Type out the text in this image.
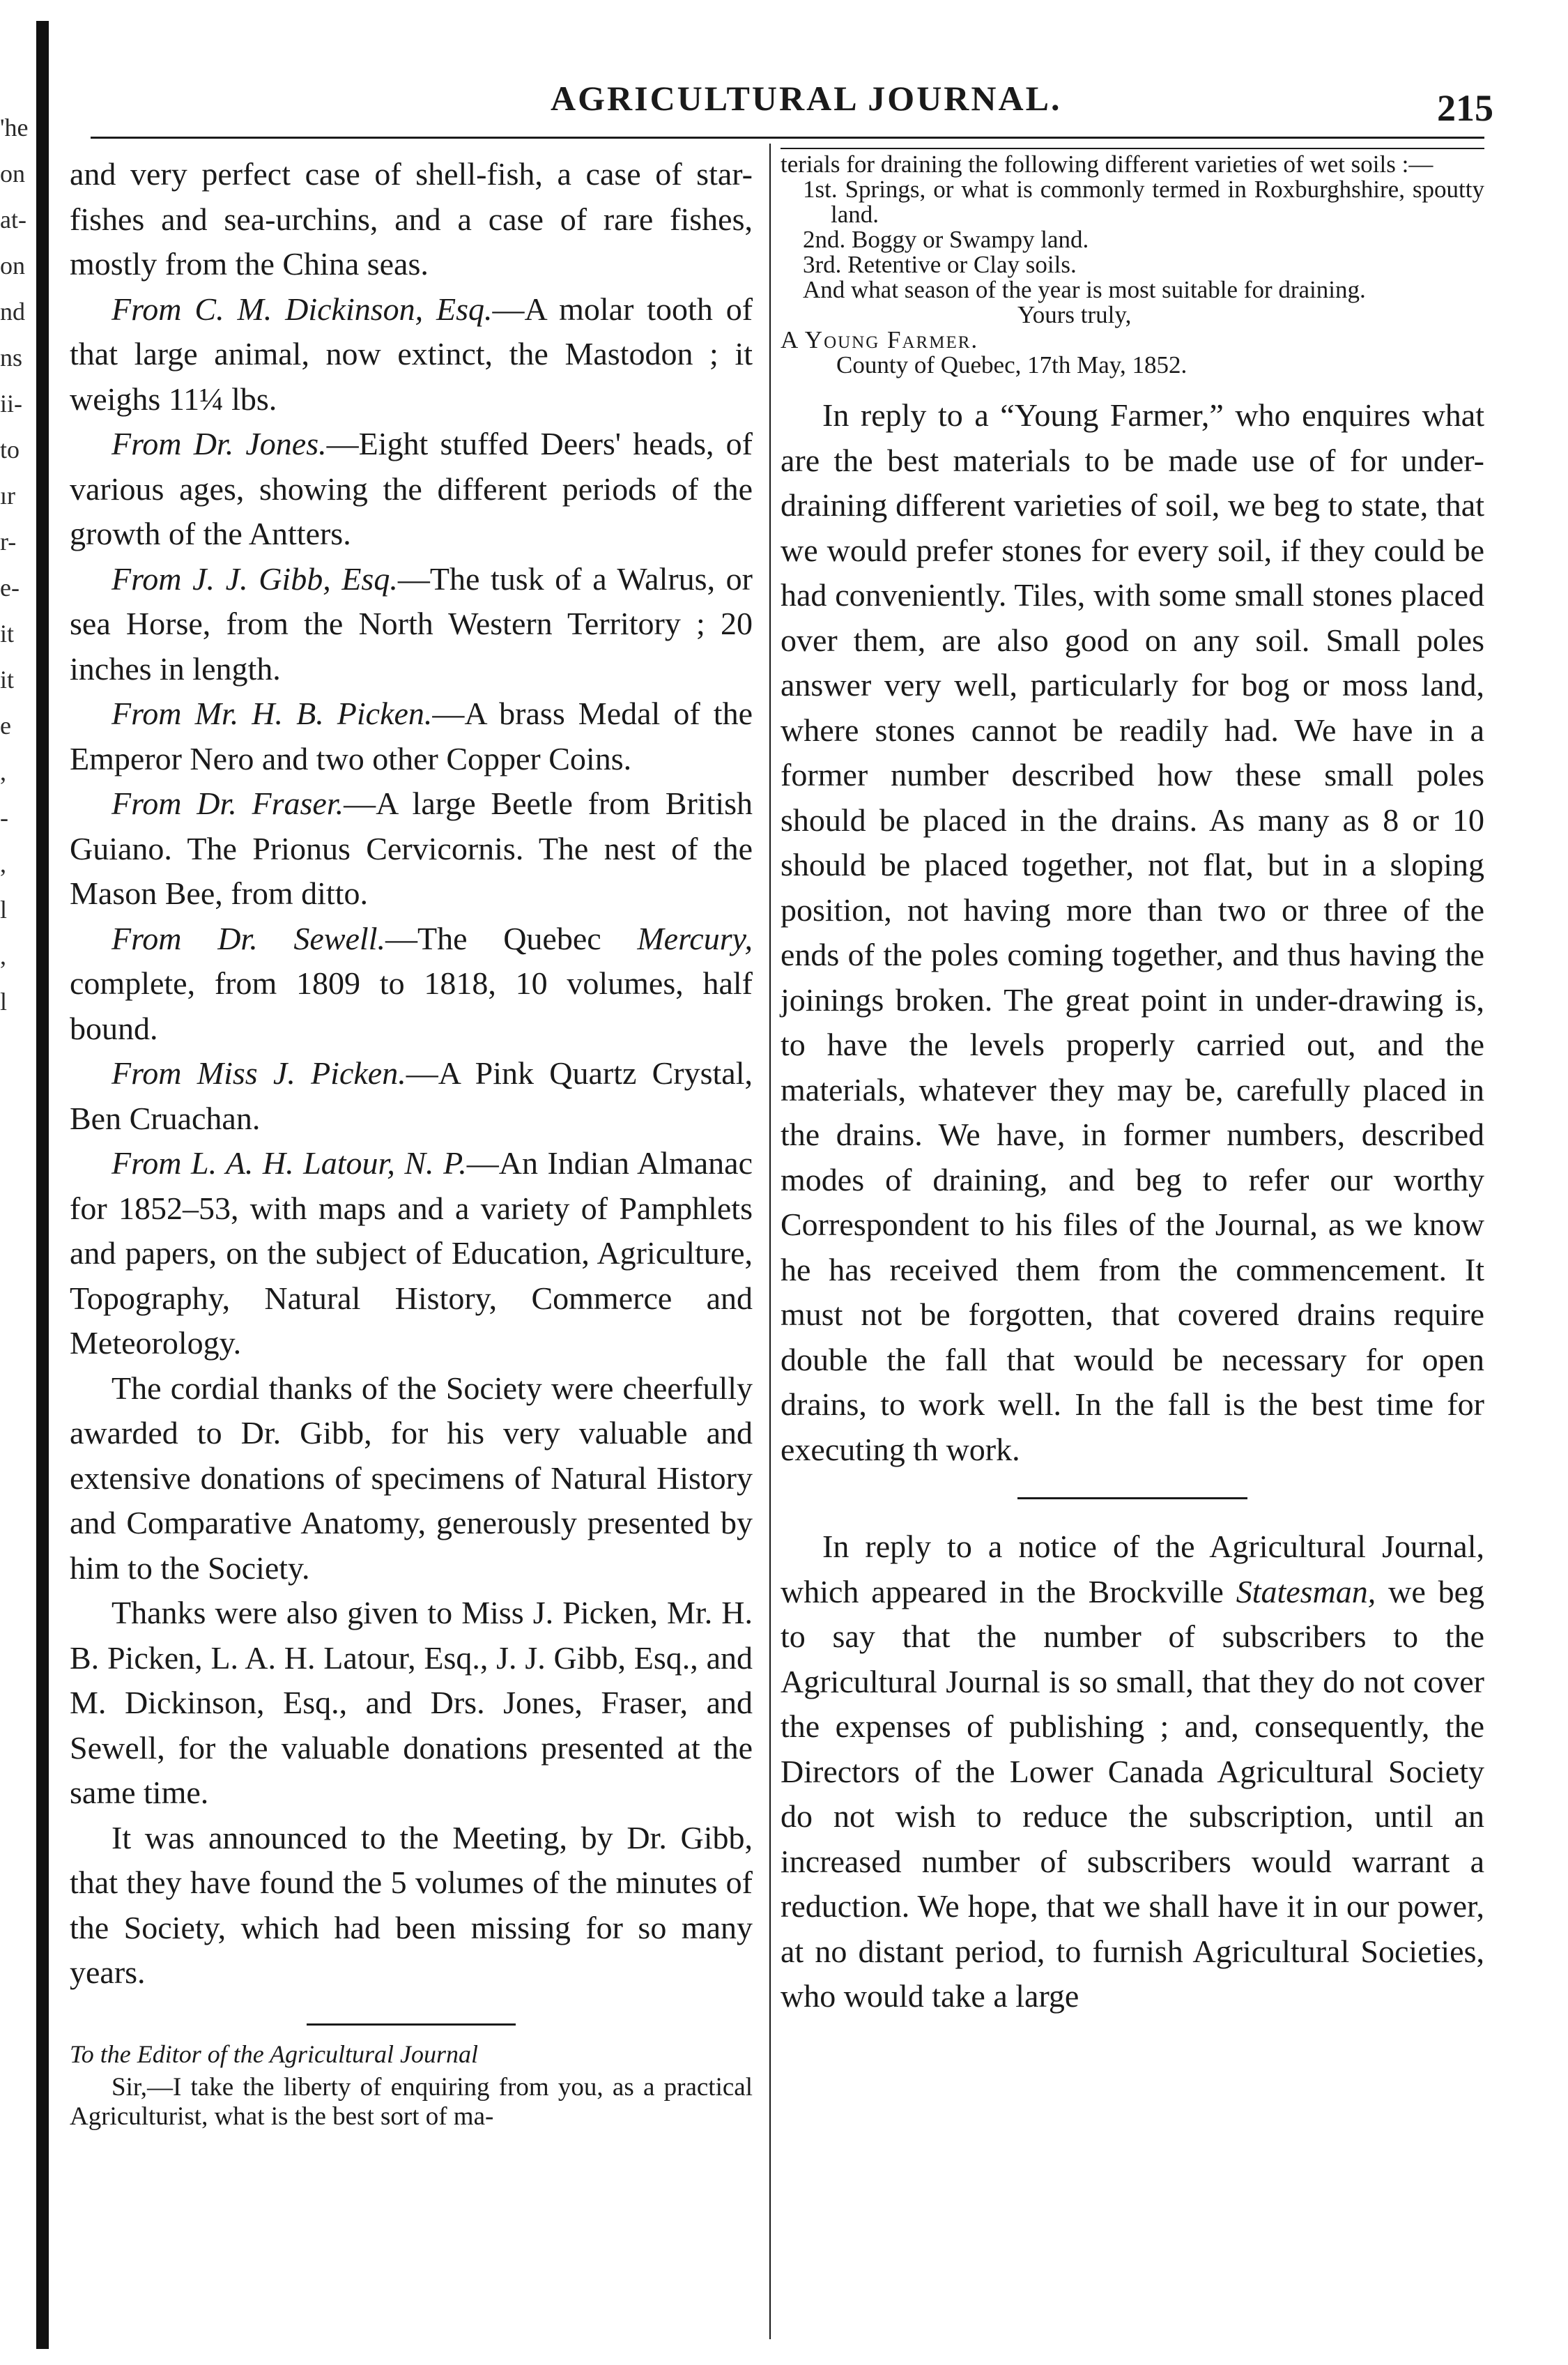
'he
on
at-
on
nd
ns
ii-
to
ır
r-
e-
it
it
e
,
-
,
l
,
l
AGRICULTURAL JOURNAL.	215

and very perfect case of shell-fish, a case of star-fishes and sea-urchins, and a case of rare fishes, mostly from the China seas.

From C. M. Dickinson, Esq.—A molar tooth of that large animal, now extinct, the Mastodon ; it weighs 11¼ lbs.

From Dr. Jones.—Eight stuffed Deers' heads, of various ages, showing the different periods of the growth of the Antters.

From J. J. Gibb, Esq.—The tusk of a Walrus, or sea Horse, from the North Western Territory ; 20 inches in length.

From Mr. H. B. Picken.—A brass Medal of the Emperor Nero and two other Copper Coins.

From Dr. Fraser.—A large Beetle from British Guiano. The Prionus Cervicornis. The nest of the Mason Bee, from ditto.

From Dr. Sewell.—The Quebec Mercury, complete, from 1809 to 1818, 10 volumes, half bound.

From Miss J. Picken.—A Pink Quartz Crystal, Ben Cruachan.

From L. A. H. Latour, N. P.—An Indian Almanac for 1852–53, with maps and a variety of Pamphlets and papers, on the subject of Education, Agriculture, Topography, Natural History, Commerce and Meteorology.

The cordial thanks of the Society were cheerfully awarded to Dr. Gibb, for his very valuable and extensive donations of specimens of Natural History and Comparative Anatomy, generously presented by him to the Society.

Thanks were also given to Miss J. Picken, Mr. H. B. Picken, L. A. H. Latour, Esq., J. J. Gibb, Esq., and M. Dickinson, Esq., and Drs. Jones, Fraser, and Sewell, for the valuable donations presented at the same time.

It was announced to the Meeting, by Dr. Gibb, that they have found the 5 volumes of the minutes of the Society, which had been missing for so many years.

To the Editor of the Agricultural Journal

Sir,—I take the liberty of enquiring from you, as a practical Agriculturist, what is the best sort of ma-

terials for draining the following different varieties of wet soils :—

1st. Springs, or what is commonly termed in Roxburghshire, spoutty land.

2nd. Boggy or Swampy land.

3rd. Retentive or Clay soils.

And what season of the year is most suitable for draining.

Yours truly,

A Young Farmer.

County of Quebec, 17th May, 1852.

In reply to a “Young Farmer,” who enquires what are the best materials to be made use of for under-draining different varieties of soil, we beg to state, that we would prefer stones for every soil, if they could be had conveniently. Tiles, with some small stones placed over them, are also good on any soil. Small poles answer very well, particularly for bog or moss land, where stones cannot be readily had. We have in a former number described how these small poles should be placed in the drains. As many as 8 or 10 should be placed together, not flat, but in a sloping position, not having more than two or three of the ends of the poles coming together, and thus having the joinings broken. The great point in under-drawing is, to have the levels properly carried out, and the materials, whatever they may be, carefully placed in the drains. We have, in former numbers, described modes of draining, and beg to refer our worthy Correspondent to his files of the Journal, as we know he has received them from the commencement. It must not be forgotten, that covered drains require double the fall that would be necessary for open drains, to work well. In the fall is the best time for executing th work.

In reply to a notice of the Agricultural Journal, which appeared in the Brockville Statesman, we beg to say that the number of subscribers to the Agricultural Journal is so small, that they do not cover the expenses of publishing ; and, consequently, the Directors of the Lower Canada Agricultural Society do not wish to reduce the subscription, until an increased number of subscribers would warrant a reduction. We hope, that we shall have it in our power, at no distant period, to furnish Agricultural Societies, who would take a large
